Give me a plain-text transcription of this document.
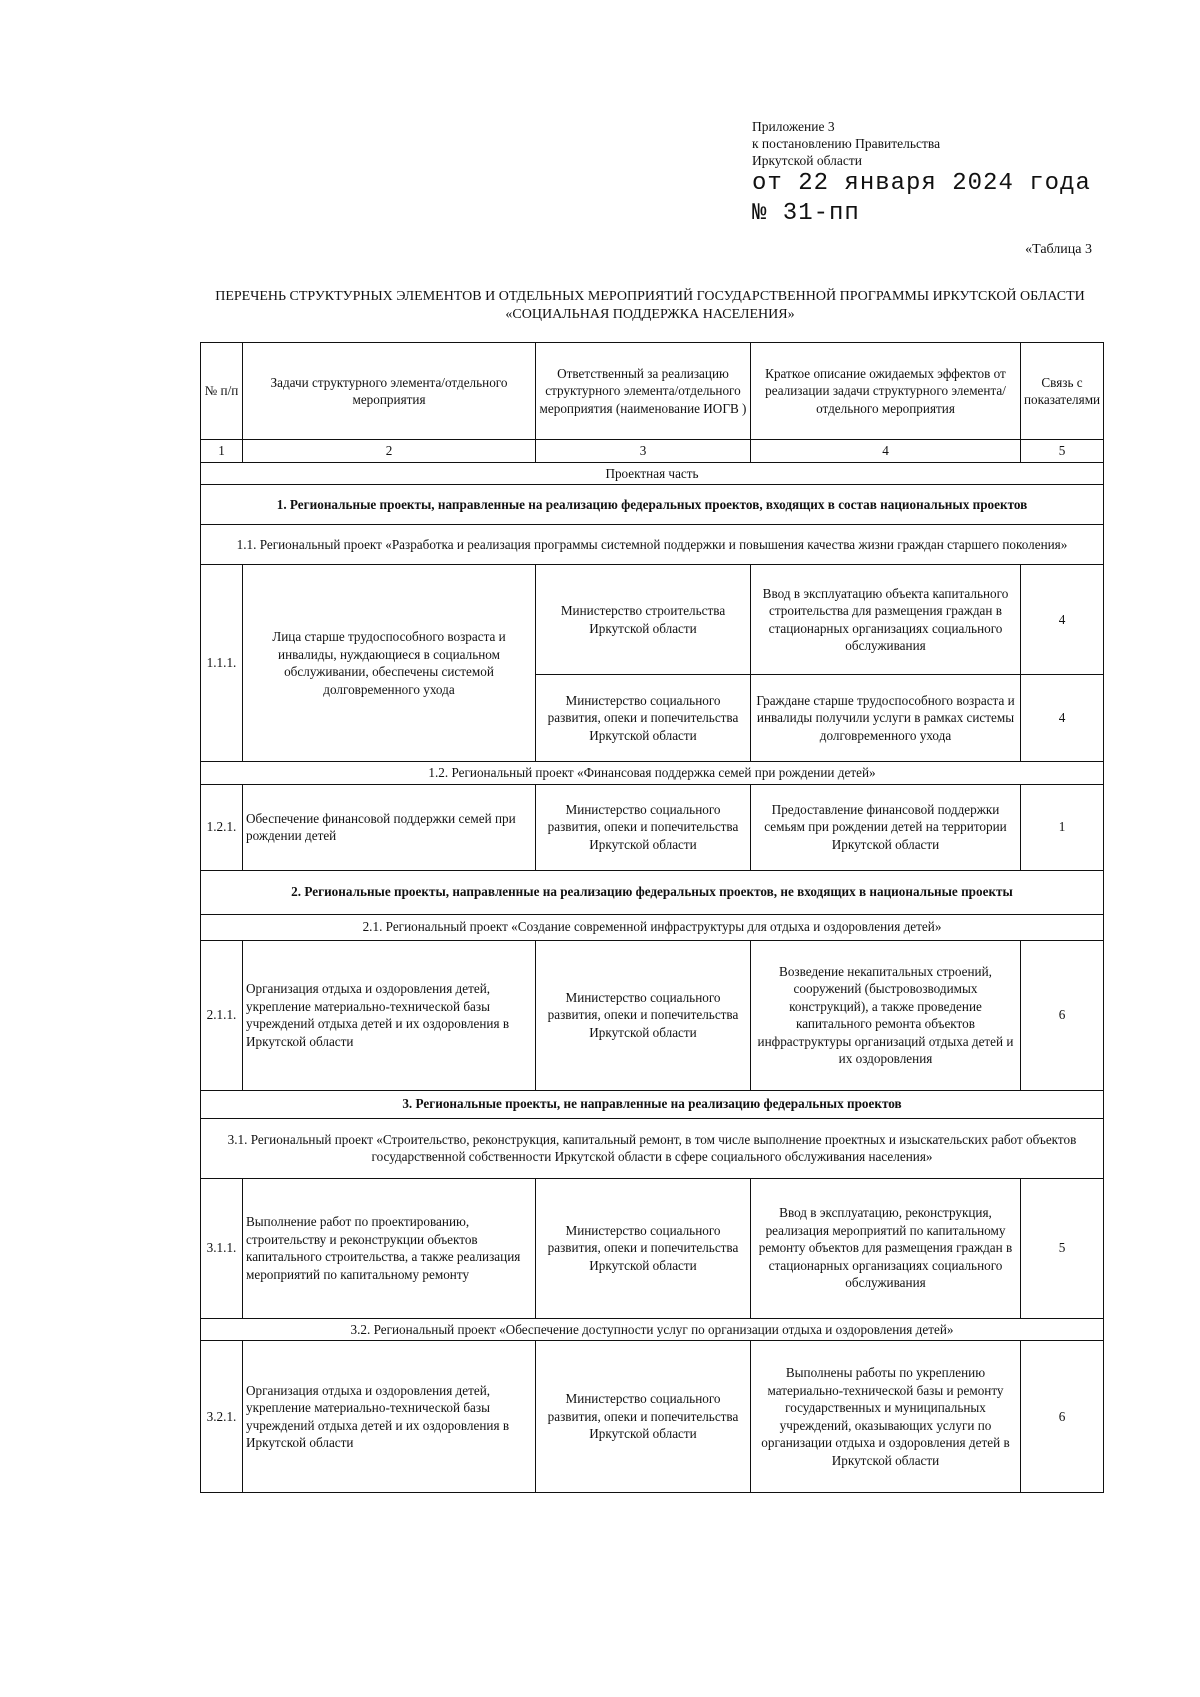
Приложение 3
к постановлению Правительства
Иркутской области
от 22 января 2024 года
№ 31-пп
«Таблица 3
ПЕРЕЧЕНЬ СТРУКТУРНЫХ ЭЛЕМЕНТОВ И ОТДЕЛЬНЫХ МЕРОПРИЯТИЙ ГОСУДАРСТВЕННОЙ ПРОГРАММЫ ИРКУТСКОЙ ОБЛАСТИ «СОЦИАЛЬНАЯ ПОДДЕРЖКА НАСЕЛЕНИЯ»
№ п/п	Задачи структурного элемента/отдельного мероприятия	Ответственный за реализацию структурного элемента/отдельного мероприятия (наименование ИОГВ )	Краткое описание ожидаемых эффектов от реализации задачи структурного элемента/отдельного мероприятия	Связь с показателями
1	2	3	4	5
Проектная часть				
1. Региональные проекты, направленные на реализацию федеральных проектов, входящих в состав национальных проектов				
1.1. Региональный проект «Разработка и реализация программы системной поддержки и повышения качества жизни граждан старшего поколения»				
1.1.1.	Лица старше трудоспособного возраста и инвалиды, нуждающиеся в социальном обслуживании, обеспечены системой долговременного ухода	Министерство строительства Иркутской области	Ввод в эксплуатацию объекта капитального строительства для размещения граждан в стационарных организациях социального обслуживания	4
		Министерство социального развития, опеки и попечительства Иркутской области	Граждане старше трудоспособного возраста и инвалиды получили услуги в рамках системы долговременного ухода	4
1.2. Региональный проект «Финансовая поддержка семей при рождении детей»				
1.2.1.	Обеспечение финансовой поддержки семей при рождении детей	Министерство социального развития, опеки и попечительства Иркутской области	Предоставление финансовой поддержки семьям при рождении детей на территории Иркутской области	1
2. Региональные проекты, направленные на реализацию федеральных проектов, не входящих в национальные проекты				
2.1. Региональный проект «Создание современной инфраструктуры для отдыха и оздоровления детей»				
2.1.1.	Организация отдыха и оздоровления детей, укрепление материально-технической базы учреждений отдыха детей и их оздоровления в Иркутской области	Министерство социального развития, опеки и попечительства Иркутской области	Возведение некапитальных строений, сооружений (быстровозводимых конструкций), а также проведение капитального ремонта объектов инфраструктуры организаций отдыха детей и их оздоровления	6
3. Региональные проекты, не направленные на реализацию федеральных проектов				
3.1. Региональный проект «Строительство, реконструкция, капитальный ремонт, в том числе выполнение проектных и изыскательских работ объектов государственной собственности Иркутской области в сфере социального обслуживания населения»				
3.1.1.	Выполнение работ по проектированию, строительству и реконструкции объектов капитального строительства, а также реализация мероприятий по капитальному ремонту	Министерство социального развития, опеки и попечительства Иркутской области	Ввод в эксплуатацию, реконструкция, реализация мероприятий по капитальному ремонту объектов для размещения граждан в стационарных организациях социального обслуживания	5
3.2. Региональный проект «Обеспечение доступности услуг по организации отдыха и оздоровления детей»				
3.2.1.	Организация отдыха и оздоровления детей, укрепление материально-технической базы учреждений отдыха детей и их оздоровления в Иркутской области	Министерство социального развития, опеки и попечительства Иркутской области	Выполнены работы по укреплению материально-технической базы и ремонту государственных и муниципальных учреждений, оказывающих услуги по организации отдыха и оздоровления детей в Иркутской области	6
